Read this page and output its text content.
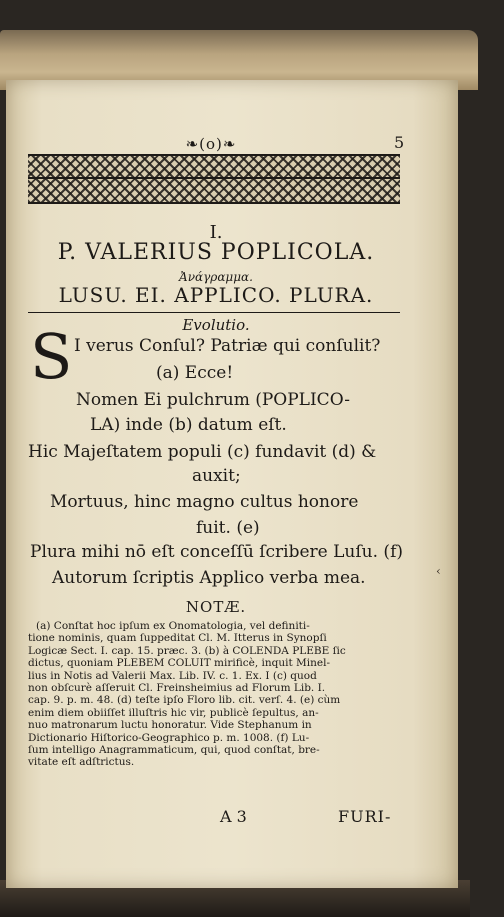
❧(o)❧	5
I.
P. VALERIUS POPLICOLA.
Ἀνάγραμμα.
LUSU. EI. APPLICO. PLURA.
Evolutio.
S I verus Conſul? Patriæ qui conſulit?
(a) Ecce!
Nomen Ei pulchrum (POPLICO-
LA) inde (b) datum eſt.
Hic Majeſtatem populi (c) fundavit (d) &
auxit;
Mortuus, hinc magno cultus honore
fuit. (e)
Plura mihi nō eſt conceſſū ſcribere Luſu. (f)
Autorum ſcriptis Applico verba mea.
NOTÆ.
(a) Conſtat hoc ipſum ex Onomatologia, vel definiti-
tione nominis, quam ſuppeditat Cl. M. Itterus in Synopſi
Logicæ Sect. I. cap. 15. præc. 3. (b) à COLENDA PLEBE ſic
dictus, quoniam PLEBEM COLUIT mirificè, inquit Minel-
lius in Notis ad Valerii Max. Lib. IV. c. 1. Ex. I (c) quod
non obſcurè aſſeruit Cl. Freinsheimius ad Florum Lib. I.
cap. 9. p. m. 48. (d) teſte ipſo Floro lib. cit. verſ. 4. (e) cùm
enim diem obiiſſet illuſtris hic vir, publicè ſepultus, an-
nuo matronarum luctu honoratur. Vide Stephanum in
Dictionario Hiſtorico-Geographico p. m. 1008. (f) Lu-
ſum intelligo Anagrammaticum, qui, quod conſtat, bre-
vitate eſt adſtrictus.
A 3	FURI-
‹
